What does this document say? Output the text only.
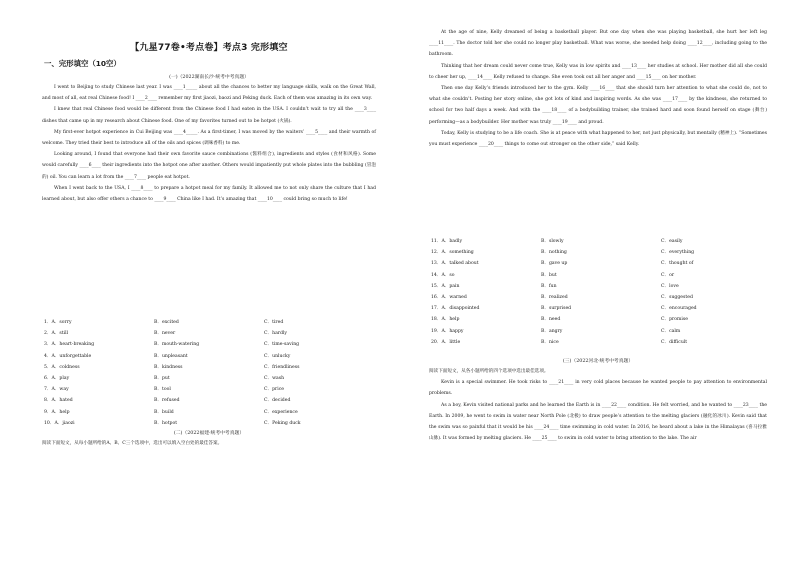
【九星77卷•考点卷】考点3 完形填空
一、完形填空（10空）
(一)（2022湖南长沙·统考中考真题）

I went to Beijing to study Chinese last year. I was ____1_____ about all the chances to better my language skills, walk on the Great Wall, and most of all, eat real Chinese food! I ____2____ remember my first jiaozi, baozi and Peking duck. Each of them was amazing in its own way.

I knew that real Chinese food would be different from the Chinese food I had eaten in the USA. I couldn’t wait to try all the ____3____ dishes that came up in my research about Chinese food. One of my favorites turned out to be hotpot (火锅).

My first-ever hotpot experience in Cui Beijing was ____4_____. As a first-timer, I was moved by the waiters’ ____5____ and their warmth of welcome. They tried their best to introduce all of the oils and spices (调味香料) to me.

Looking around, I found that everyone had their own favorite sauce combinations (酱料组合), ingredients and styles (食材和风格). Some would carefully ____6____ their ingredients into the hotpot one after another. Others would impatiently put whole plates into the bubbling (冒泡的) oil. You can learn a lot from the ____7____ people eat hotpot.

When I went back to the USA, I ____8____ to prepare a hotpot meal for my family. It allowed me to not only share the culture that I had learned about, but also offer others a chance to ____9____ China like I had. It’s amazing that ____10____ could bring so much to life!

1．A．sorry	B．excited	C．tired
2．A．still	B．never	C．hardly
3．A．heart-breaking	B．mouth-watering	C．time-saving
4．A．unforgettable	B．unpleasant	C．unlucky
5．A．coldness	B．kindness	C．friendliness
6．A．play	B．put	C．wash
7．A．way	B．tool	C．price
8．A．hated	B．refused	C．decided
9．A．help	B．build	C．experience
10．A．jiaozi	B．hotpot	C．Peking duck
(二)（2022福建·统考中考真题）

阅读下面短文，从每小题所给的A、B、C三个选项中，选出可以填入空白处的最佳答案。

At the age of nine, Kelly dreamed of being a basketball player. But one day when she was playing basketball, she hurt her left leg ____11____. The doctor told her she could no longer play basketball. What was worse, she needed help doing ____12____, including going to the bathroom.

Thinking that her dream could never come true, Kelly was in low spirits and ____13____ her studies at school. Her mother did all she could to cheer her up, ____14____ Kelly refused to change. She even took out all her anger and ____15____ on her mother.

Then one day Kelly’s friends introduced her to the gym. Kelly ____16____ that she should turn her attention to what she could do, not to what she couldn’t. Posting her story online, she got lots of kind and inspiring words. As she was ____17____ by the kindness, she returned to school for two half days a week. And with the ____18____ of a bodybuilding trainer, she trained hard and soon found herself on stage (舞台) performing—as a bodybuilder. Her mother was truly ____19____ and proud.

Today, Kelly is studying to be a life coach. She is at peace with what happened to her, not just physically, but mentally (精神上). “Sometimes you must experience ____20____ things to come out stronger on the other side,” said Kelly.

11．A．badly	B．slowly	C．easily
12．A．something	B．nothing	C．everything
13．A．talked about	B．gave up	C．thought of
14．A．so	B．but	C．or
15．A．pain	B．fun	C．love
16．A．warned	B．realized	C．suggested
17．A．disappointed	B．surprised	C．encouraged
18．A．help	B．need	C．promise
19．A．happy	B．angry	C．calm
20．A．little	B．nice	C．difficult
(三)（2022河北·统考中考真题）

阅读下面短文，从各小题所给的四个选项中选出最佳选项。

Kevin is a special swimmer. He took risks to ____21____ in very cold places because he wanted people to pay attention to environmental problems.

As a boy, Kevin visited national parks and he learned the Earth is in ____22____ condition. He felt worried, and he wanted to ____23____ the Earth. In 2009, he went to swim in water near North Pole (北极) to draw people’s attention to the melting glaciers (融化的冰川). Kevin said that the swim was so painful that it would be his ____24____ time swimming in cold water. In 2016, he heard about a lake in the Himalayas (喜马拉雅山脉). It was formed by melting glaciers. He ____25____ to swim in cold water to bring attention to the lake. The air
